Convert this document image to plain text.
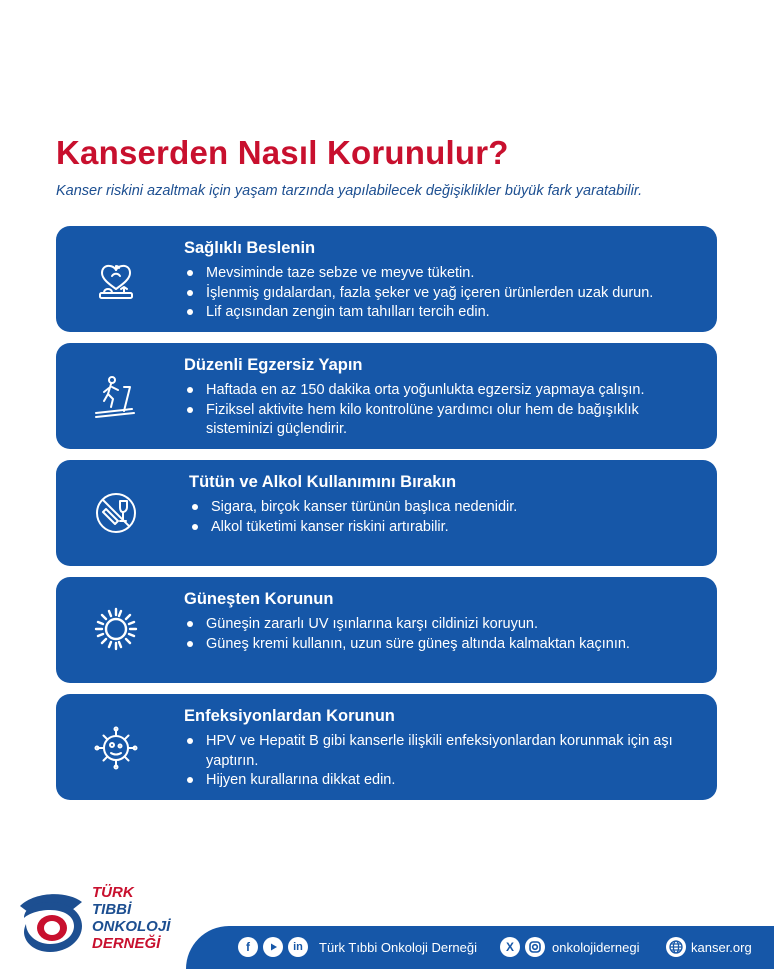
Kanserden Nasıl Korunulur?
Kanser riskini azaltmak için yaşam tarzında yapılabilecek değişiklikler büyük fark yaratabilir.
Sağlıklı Beslenin
Mevsiminde taze sebze ve meyve tüketin.
İşlenmiş gıdalardan, fazla şeker ve yağ içeren ürünlerden uzak durun.
Lif açısından zengin tam tahılları tercih edin.
Düzenli Egzersiz Yapın
Haftada en az 150 dakika orta yoğunlukta egzersiz yapmaya çalışın.
Fiziksel aktivite hem kilo kontrolüne yardımcı olur hem de bağışıklık sisteminizi güçlendirir.
Tütün ve Alkol Kullanımını Bırakın
Sigara, birçok kanser türünün başlıca nedenidir.
Alkol tüketimi kanser riskini artırabilir.
Güneşten Korunun
Güneşin zararlı UV ışınlarına karşı cildinizi koruyun.
Güneş kremi kullanın, uzun süre güneş altında kalmaktan kaçının.
Enfeksiyonlardan Korunun
HPV ve Hepatit B gibi kanserle ilişkili enfeksiyonlardan korunmak için aşı yaptırın.
Hijyen kurallarına dikkat edin.
TÜRK
TIBBİ
ONKOLOJİ
DERNEĞİ	f	in	Türk Tıbbi Onkoloji Derneği	X	onkolojidernegi	kanser.org
